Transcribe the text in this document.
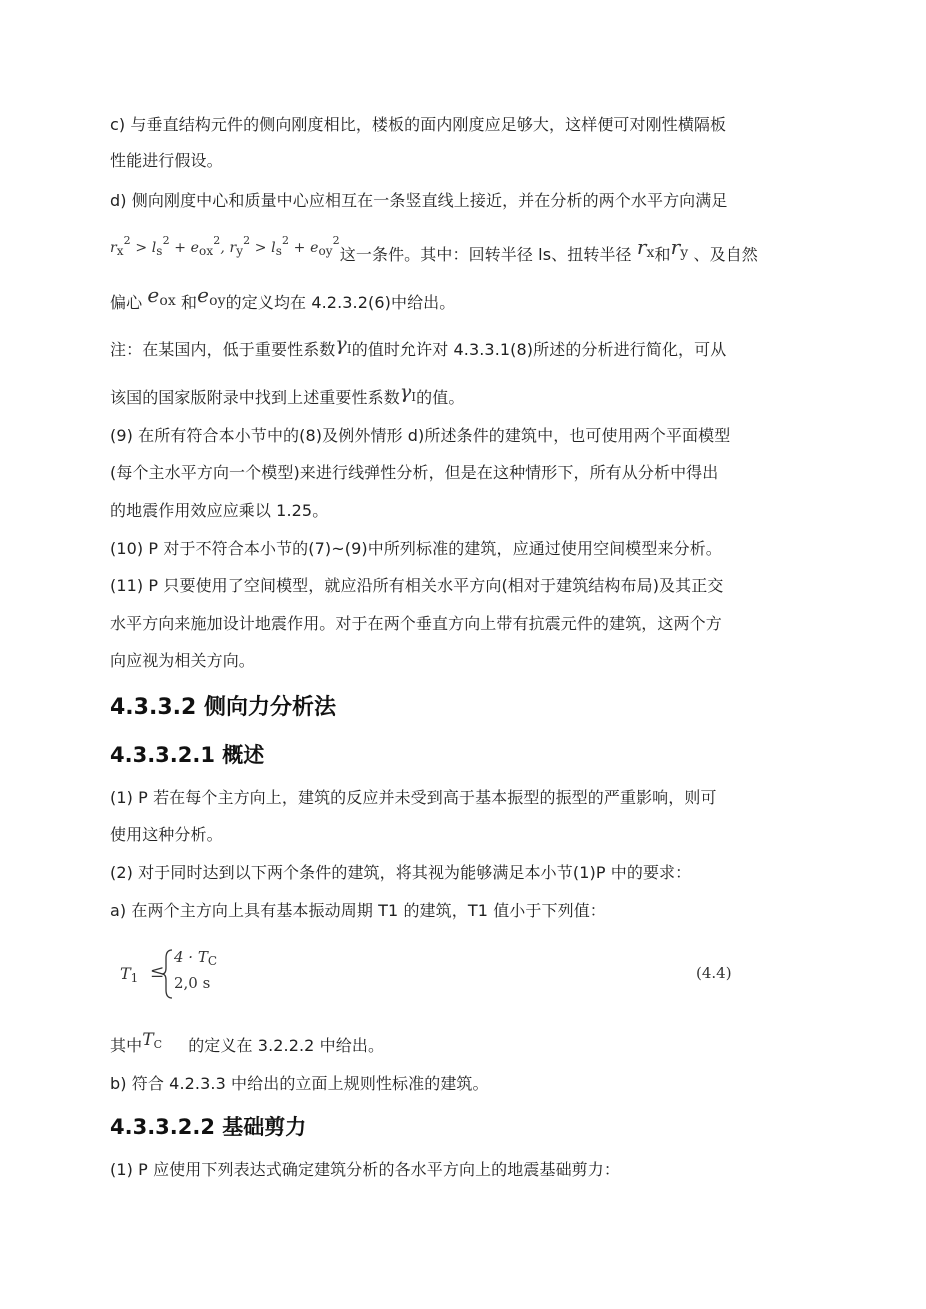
c) 与垂直结构元件的侧向刚度相比，楼板的面内刚度应足够大，这样便可对刚性横隔板
性能进行假设。
d) 侧向刚度中心和质量中心应相互在一条竖直线上接近，并在分析的两个水平方向满足
$rx^2 > ls^2 + eox^2$, $ry^2 > ls^2 + eoy^2$这一条件。其中：回转半径 ls、扭转半径 $r_x$和$r_y$ 、及自然
偏心 $e_{ox}$ 和$e_{oy}$的定义均在 4.2.3.2(6)中给出。
注：在某国内，低于重要性系数$\gamma_I$的值时允许对 4.3.3.1(8)所述的分析进行简化，可从
该国的国家版附录中找到上述重要性系数$\gamma_I$的值。
(9) 在所有符合本小节中的(8)及例外情形 d)所述条件的建筑中，也可使用两个平面模型
(每个主水平方向一个模型)来进行线弹性分析，但是在这种情形下，所有从分析中得出
的地震作用效应应乘以 1.25。
(10) P 对于不符合本小节的(7)~(9)中所列标准的建筑，应通过使用空间模型来分析。
(11) P 只要使用了空间模型，就应沿所有相关水平方向(相对于建筑结构布局)及其正交
水平方向来施加设计地震作用。对于在两个垂直方向上带有抗震元件的建筑，这两个方
向应视为相关方向。
4.3.3.2 侧向力分析法
4.3.3.2.1 概述
(1) P 若在每个主方向上，建筑的反应并未受到高于基本振型的振型的严重影响，则可
使用这种分析。
(2) 对于同时达到以下两个条件的建筑，将其视为能够满足本小节(1)P 中的要求：
a) 在两个主方向上具有基本振动周期 T1 的建筑，T1 值小于下列值：
$T_1$ ≤
$4 \cdot T_C$
2,0 s
(4.4)
其中$T_C$ 的定义在 3.2.2.2 中给出。
b) 符合 4.2.3.3 中给出的立面上规则性标准的建筑。
4.3.3.2.2 基础剪力
(1) P 应使用下列表达式确定建筑分析的各水平方向上的地震基础剪力：
